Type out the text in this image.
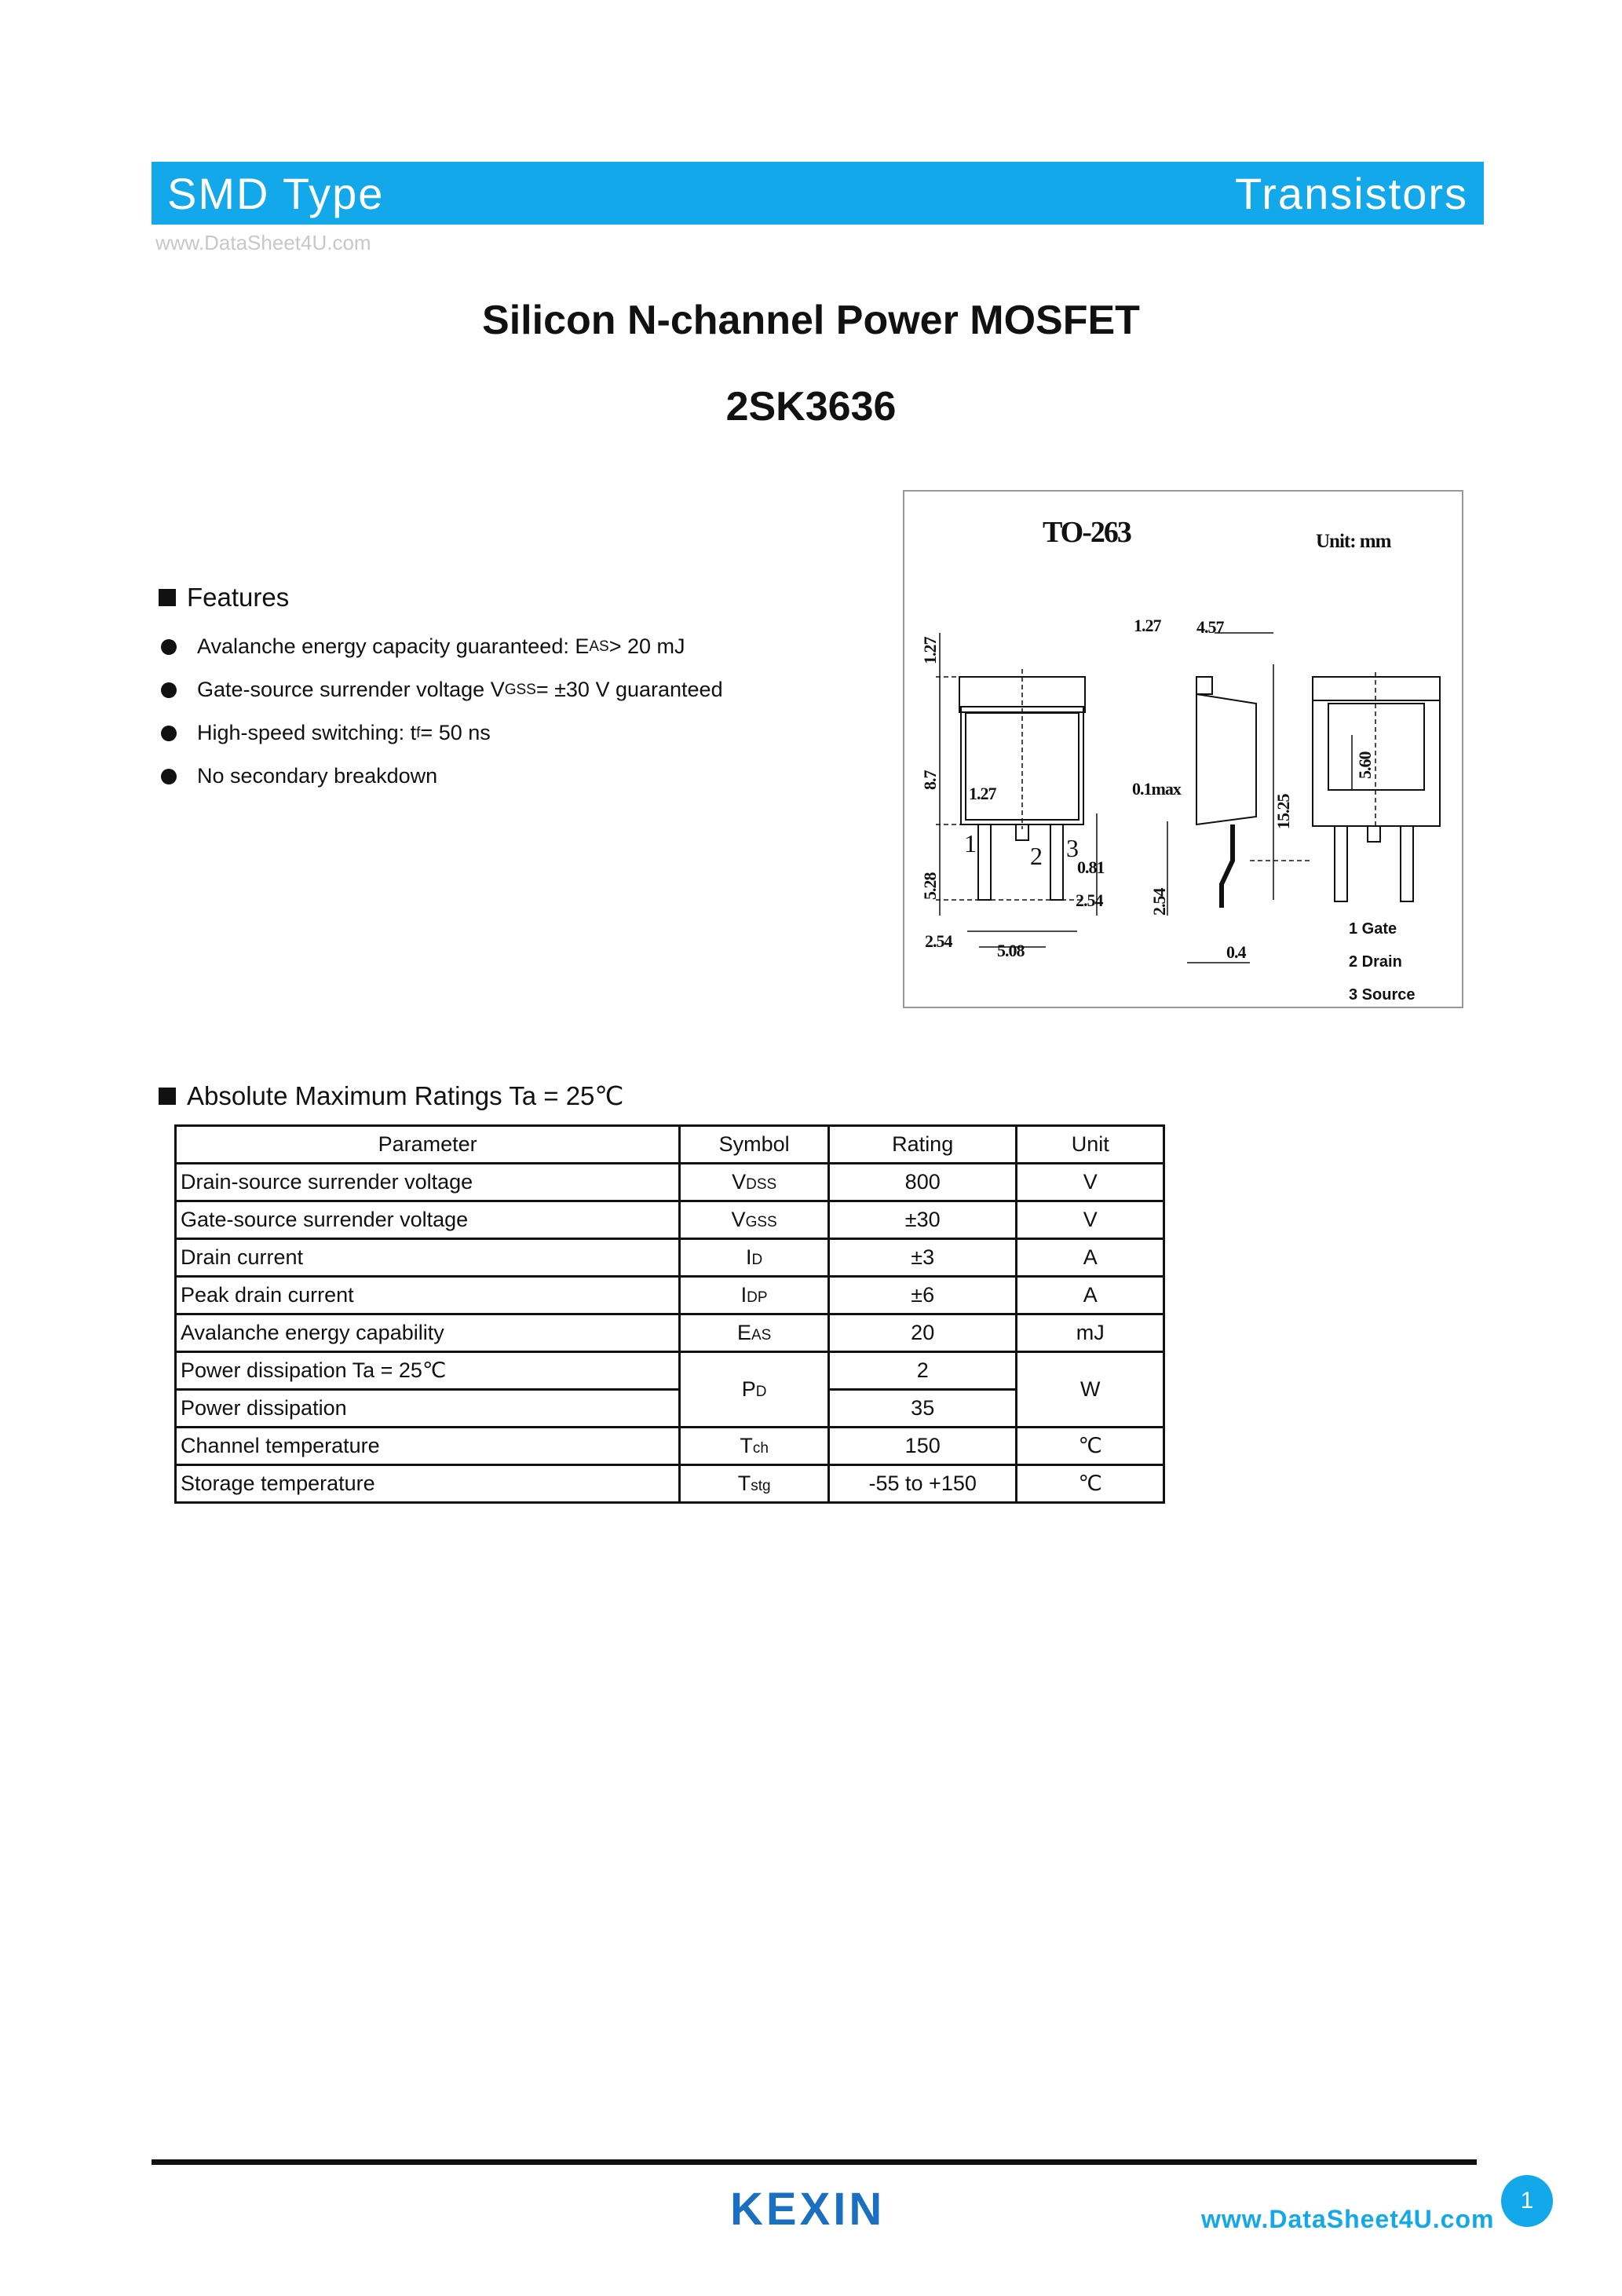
SMD Type	Transistors
www.DataSheet4U.com
Silicon N-channel Power MOSFET
2SK3636
Features
Avalanche energy capacity guaranteed: E AS > 20 mJ
Gate-source surrender voltage V GSS = ±30 V guaranteed
High-speed switching: t f = 50 ns
No secondary breakdown
TO-263	Unit: mm
1.27
4.57
1.27
0.1max
1.27
0.81
2.54
2.54	5.08	0.4
8.7
5.28
15.25
2.54
5.60
1 2 3
1 Gate
2 Drain
3 Source
Absolute Maximum Ratings Ta = 25℃
Parameter	Symbol	Rating	Unit
Drain-source surrender voltage	VDSS	800	V
Gate-source surrender voltage	VGSS	±30	V
Drain current	ID	±3	A
Peak drain current	IDP	±6	A
Avalanche energy capability	EAS	20	mJ
Power dissipation Ta = 25℃	PD	2	W
Power dissipation		35	
Channel temperature	Tch	150	℃
Storage temperature	Tstg	-55 to +150	℃
KEXIN	www.DataSheet4U.com
1
